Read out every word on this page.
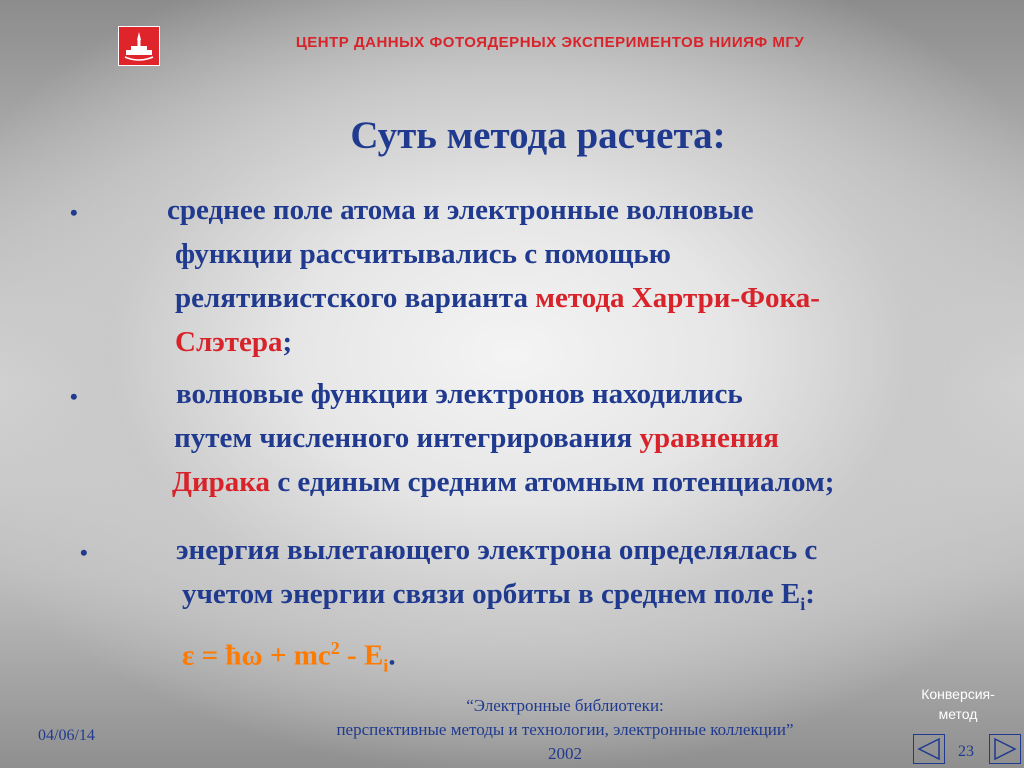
ЦЕНТР ДАННЫХ ФОТОЯДЕРНЫХ ЭКСПЕРИМЕНТОВ НИИЯФ МГУ
Суть метода расчета:
•	среднее поле атома и электронные волновые
функции рассчитывались с помощью
релятивистского варианта метода Хартри-Фока-
Слэтера;
•	волновые функции электронов находились
путем численного интегрирования уравнения
Дирака с единым средним атомным потенциалом;
•	энергия вылетающего электрона определялась с
учетом энергии связи орбиты в среднем поле $E_i$:
ε = ħω + $mc^2 - E_i$.
04/06/14
“Электронные библиотеки:
перспективные методы и технологии, электронные коллекции”
2002
Конверсия-
метод
23
